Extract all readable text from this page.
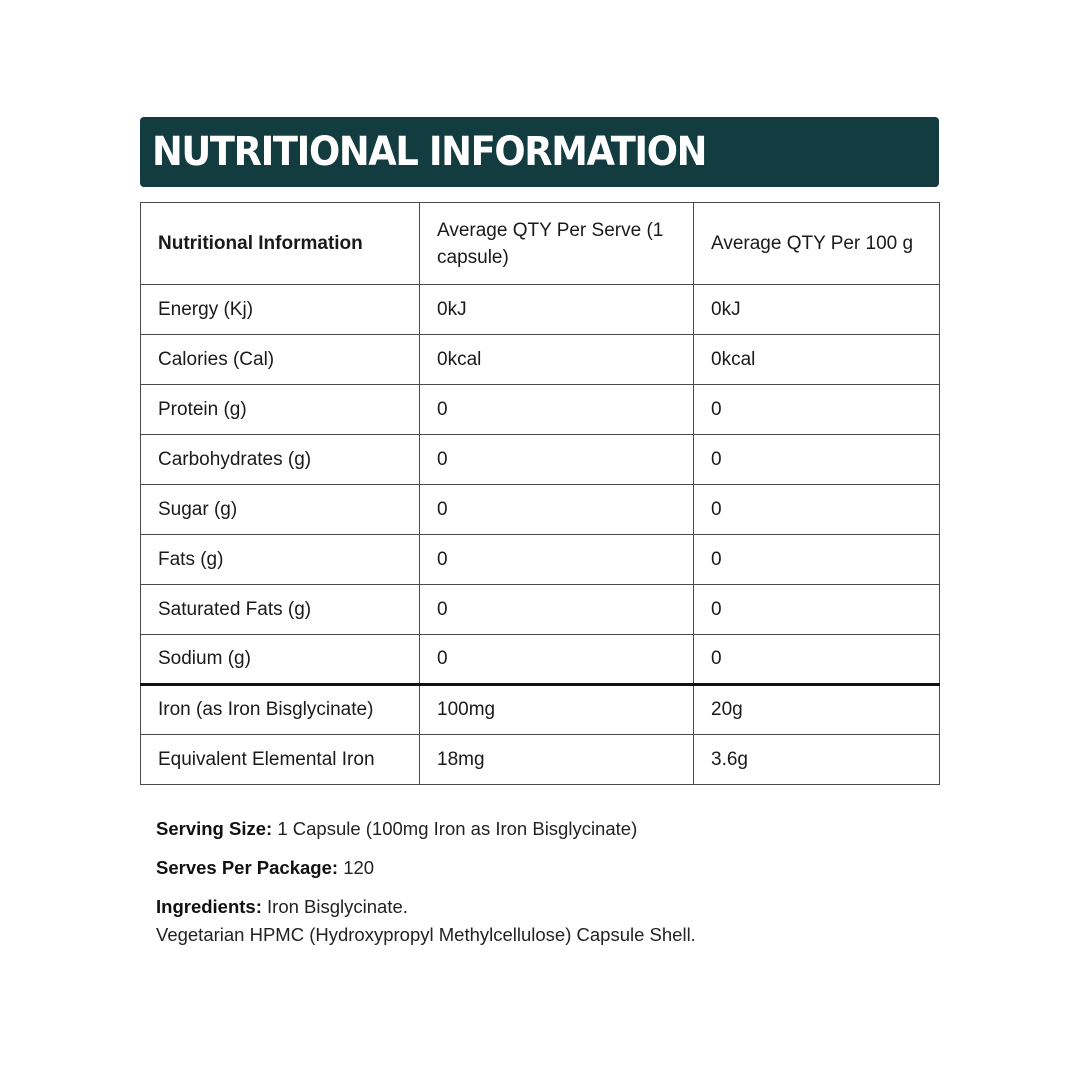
NUTRITIONAL INFORMATION
Nutritional Information	Average QTY Per Serve (1 capsule)	Average QTY Per 100 g
Energy (Kj)	0kJ	0kJ
Calories (Cal)	0kcal	0kcal
Protein (g)	0	0
Carbohydrates (g)	0	0
Sugar (g)	0	0
Fats (g)	0	0
Saturated Fats (g)	0	0
Sodium (g)	0	0
Iron (as Iron Bisglycinate)	100mg	20g
Equivalent Elemental Iron	18mg	3.6g

Serving Size: 1 Capsule (100mg Iron as Iron Bisglycinate)

Serves Per Package: 120

Ingredients: Iron Bisglycinate.
Vegetarian HPMC (Hydroxypropyl Methylcellulose) Capsule Shell.
